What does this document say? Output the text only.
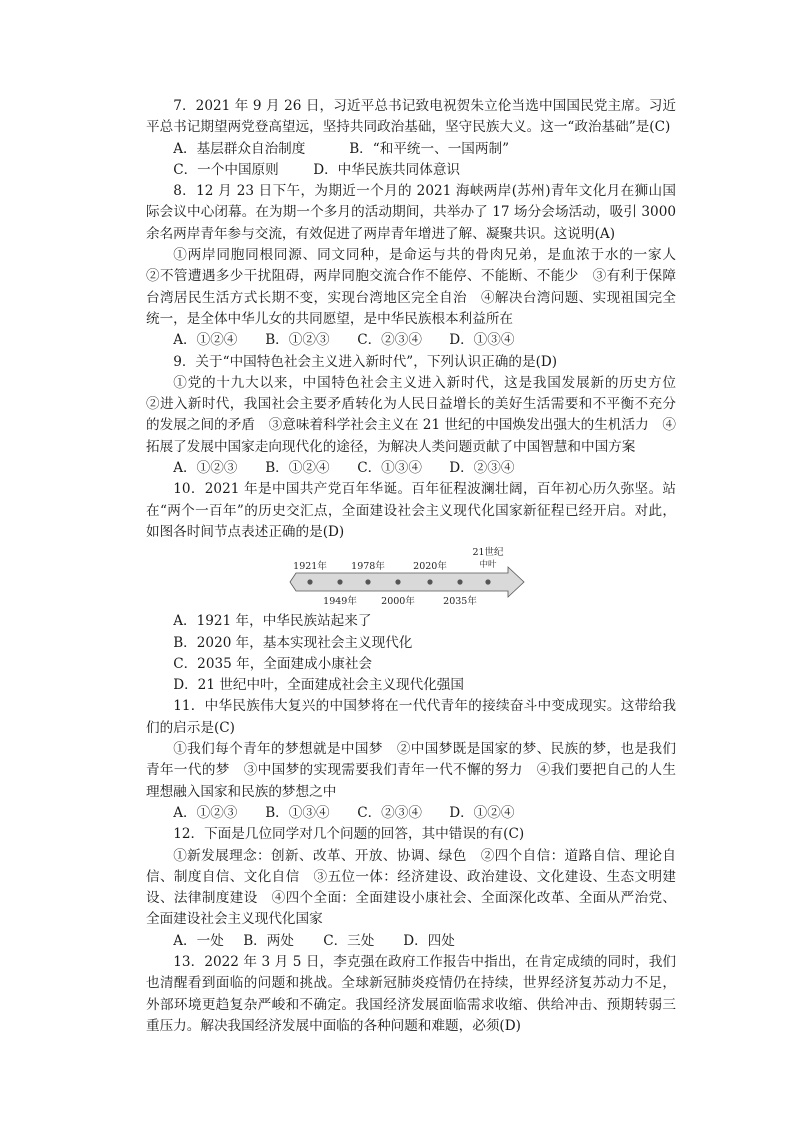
7．2021 年 9 月 26 日，习近平总书记致电祝贺朱立伦当选中国国民党主席。习近平总书记期望两党登高望远，坚持共同政治基础，坚守民族大义。这一“政治基础”是(C)

A．基层群众自治制度	B．“和平统一、一国两制”

C．一个中国原则	D．中华民族共同体意识

8．12 月 23 日下午，为期近一个月的 2021 海峡两岸(苏州)青年文化月在狮山国际会议中心闭幕。在为期一个多月的活动期间，共举办了 17 场分会场活动，吸引 3000 余名两岸青年参与交流，有效促进了两岸青年增进了解、凝聚共识。这说明(A)

①两岸同胞同根同源、同文同种，是命运与共的骨肉兄弟，是血浓于水的一家人　②不管遭遇多少干扰阻碍，两岸同胞交流合作不能停、不能断、不能少　③有利于保障台湾居民生活方式长期不变，实现台湾地区完全自治　④解决台湾问题、实现祖国完全统一，是全体中华儿女的共同愿望，是中华民族根本利益所在

A．①②④ B．①②③ C．②③④ D．①③④

9．关于“中国特色社会主义进入新时代”，下列认识正确的是(D)

①党的十九大以来，中国特色社会主义进入新时代，这是我国发展新的历史方位　②进入新时代，我国社会主要矛盾转化为人民日益增长的美好生活需要和不平衡不充分的发展之间的矛盾　③意味着科学社会主义在 21 世纪的中国焕发出强大的生机活力　④拓展了发展中国家走向现代化的途径，为解决人类问题贡献了中国智慧和中国方案

A．①②③ B．①②④ C．①③④ D．②③④

10．2021 年是中国共产党百年华诞。百年征程波澜壮阔，百年初心历久弥坚。站在“两个一百年”的历史交汇点，全面建设社会主义现代化国家新征程已经开启。对此，如图各时间节点表述正确的是(D)

1921年	1978年	2020年
21世纪
中叶
1949年	2000年	2035年

A．1921 年，中华民族站起来了

B．2020 年，基本实现社会主义现代化

C．2035 年，全面建成小康社会

D．21 世纪中叶，全面建成社会主义现代化强国

11．中华民族伟大复兴的中国梦将在一代代青年的接续奋斗中变成现实。这带给我们的启示是(C)

①我们每个青年的梦想就是中国梦　②中国梦既是国家的梦、民族的梦，也是我们青年一代的梦　③中国梦的实现需要我们青年一代不懈的努力　④我们要把自己的人生理想融入国家和民族的梦想之中

A．①②③ B．①③④ C．②③④ D．①②④

12．下面是几位同学对几个问题的回答，其中错误的有(C)

①新发展理念：创新、改革、开放、协调、绿色　②四个自信：道路自信、理论自信、制度自信、文化自信　③五位一体：经济建设、政治建设、文化建设、生态文明建设、法律制度建设　④四个全面：全面建设小康社会、全面深化改革、全面从严治党、全面建设社会主义现代化国家

A．一处 B．两处 C．三处 D．四处

13．2022 年 3 月 5 日，李克强在政府工作报告中指出，在肯定成绩的同时，我们也清醒看到面临的问题和挑战。全球新冠肺炎疫情仍在持续，世界经济复苏动力不足，外部环境更趋复杂严峻和不确定。我国经济发展面临需求收缩、供给冲击、预期转弱三重压力。解决我国经济发展中面临的各种问题和难题，必须(D)
